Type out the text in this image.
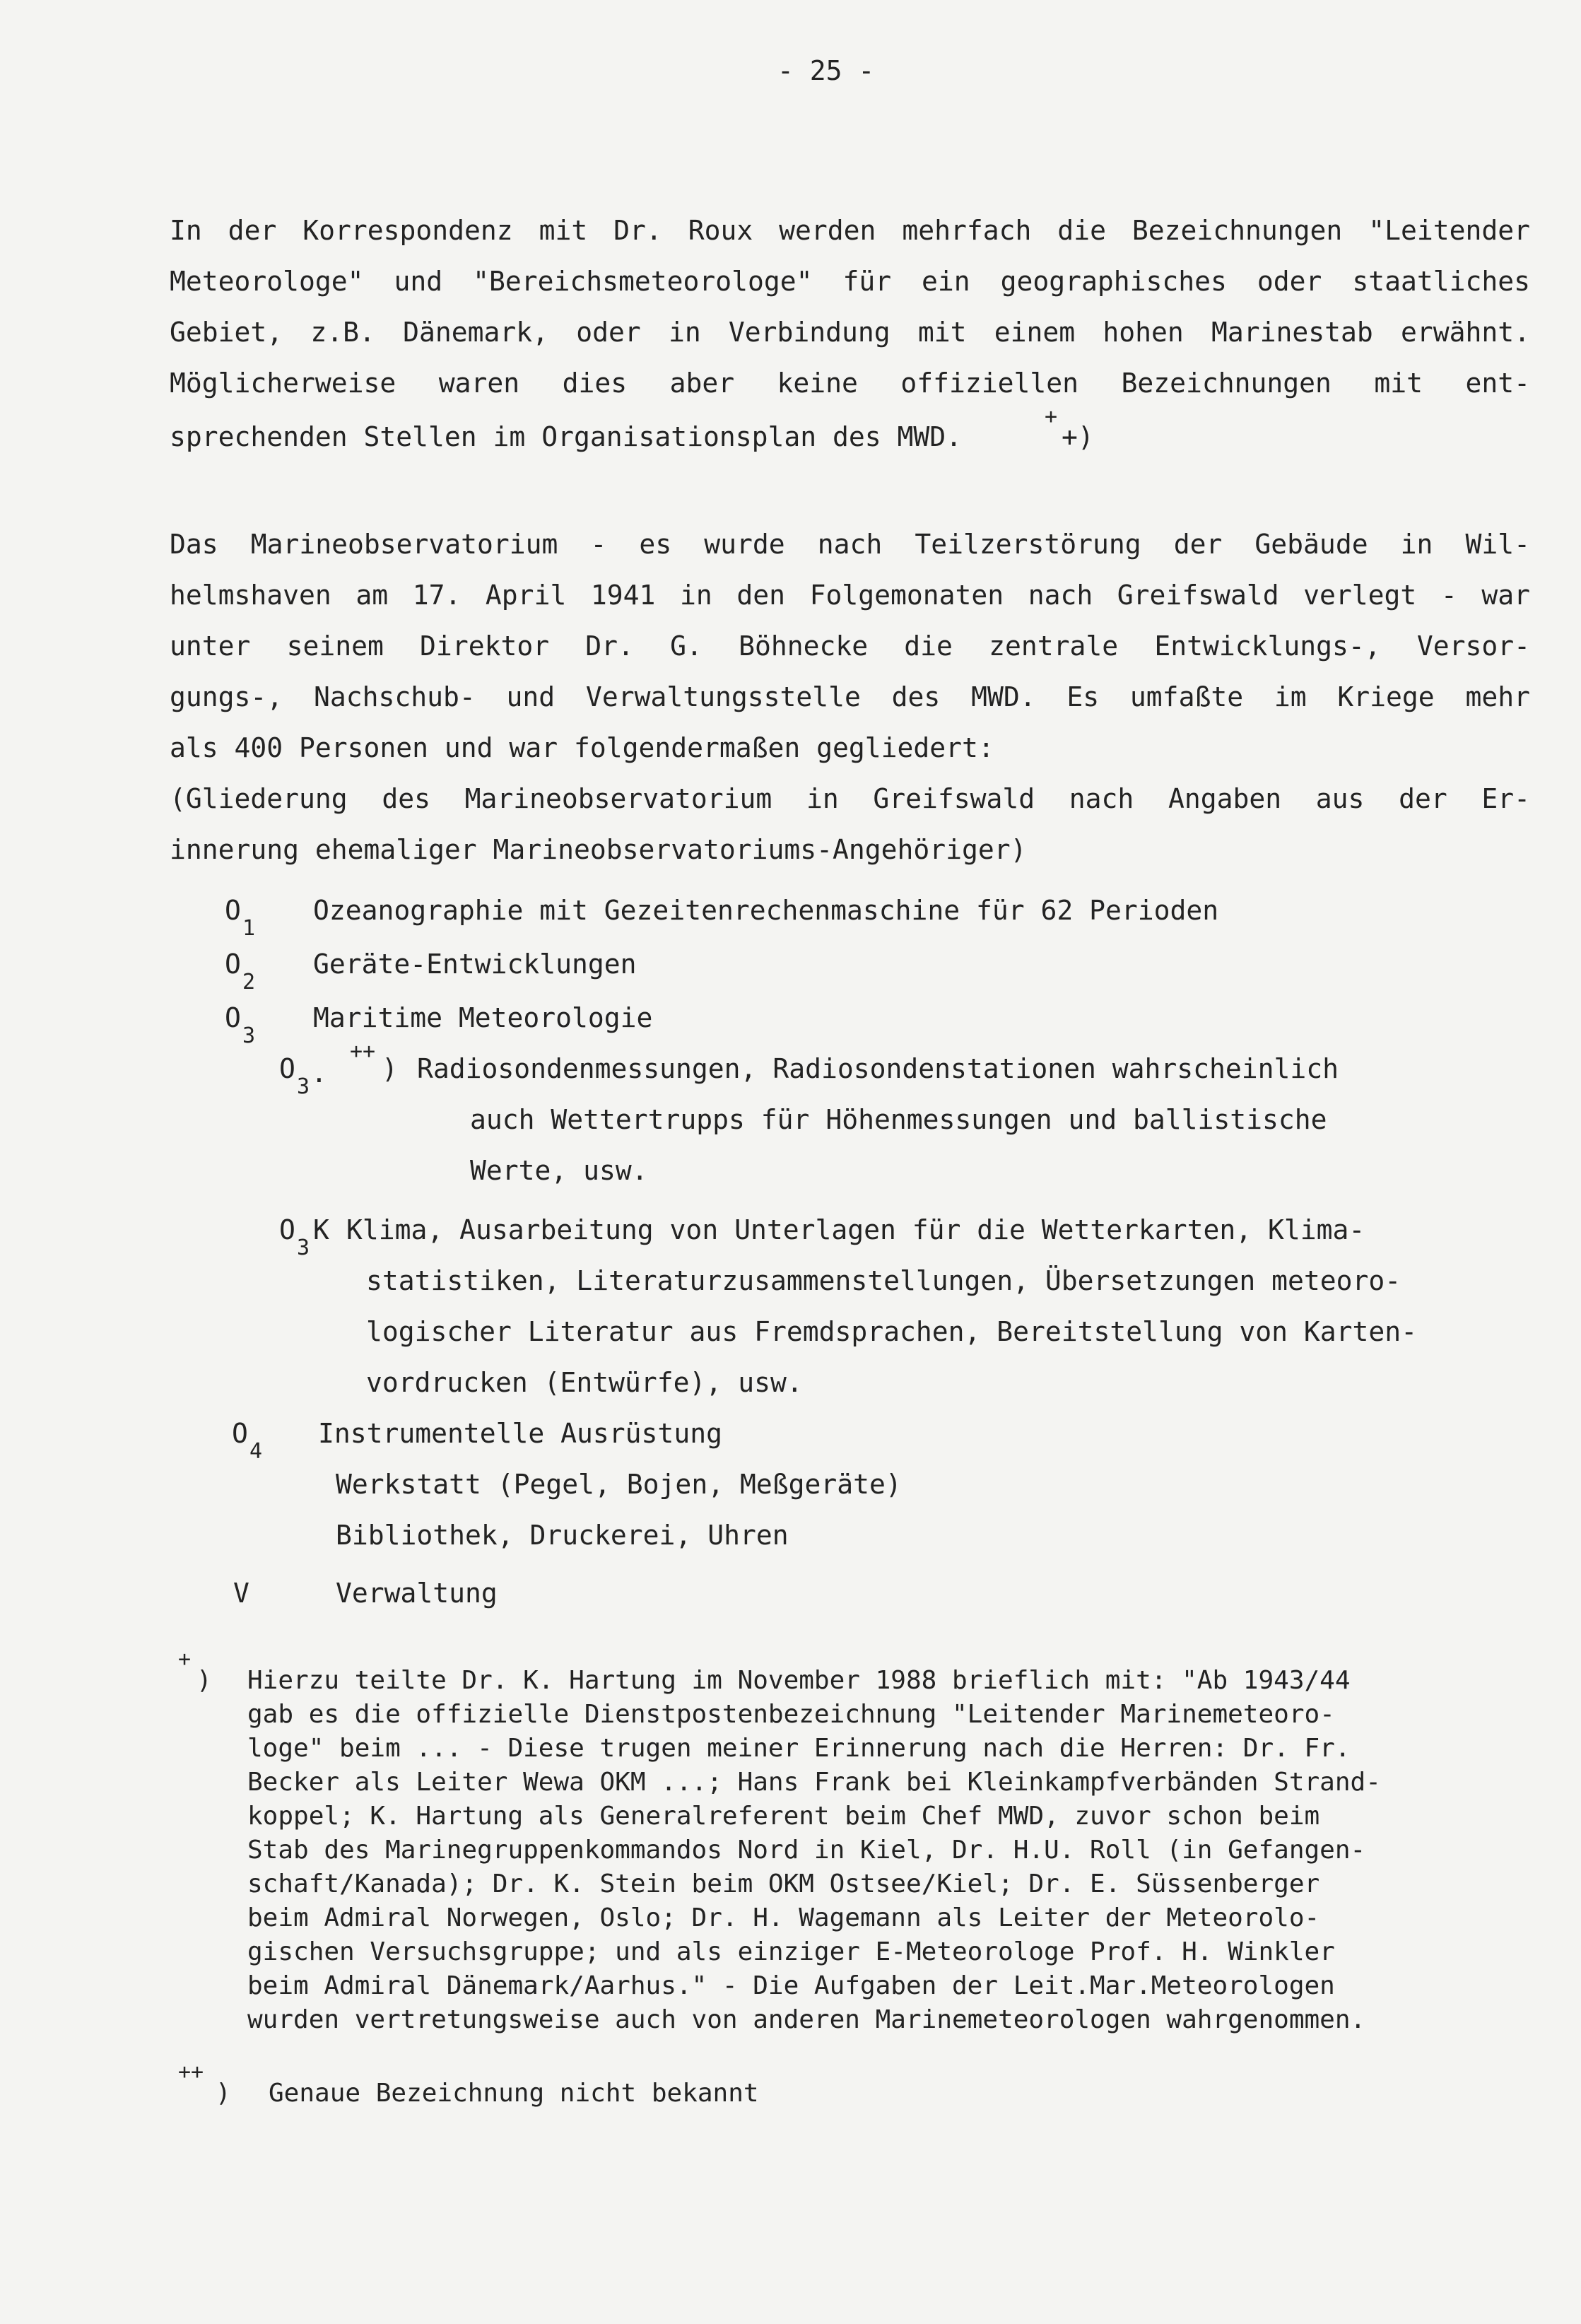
- 25 -

In der Korrespondenz mit Dr. Roux werden mehrfach die Bezeichnungen "Leitender

Meteorologe" und "Bereichsmeteorologe" für ein geographisches oder staatliches

Gebiet, z.B. Dänemark, oder in Verbindung mit einem hohen Marinestab erwähnt.

Möglicherweise waren dies aber keine offiziellen Bezeichnungen mit ent-

sprechenden Stellen im Organisationsplan des MWD.

+
+)

Das Marineobservatorium - es wurde nach Teilzerstörung der Gebäude in Wil-

helmshaven am 17. April 1941 in den Folgemonaten nach Greifswald verlegt - war

unter seinem Direktor Dr. G. Böhnecke die zentrale Entwicklungs-, Versor-

gungs-, Nachschub- und Verwaltungsstelle des MWD. Es umfaßte im Kriege mehr

als 400 Personen und war folgendermaßen gegliedert:

(Gliederung des Marineobservatorium in Greifswald nach Angaben aus der Er-

innerung ehemaliger Marineobservatoriums-Angehöriger)

O
1
Ozeanographie mit Gezeitenrechenmaschine für 62 Perioden
O
2
Geräte-Entwicklungen
O
3
Maritime Meteorologie
O
3 .
++
) Radiosondenmessungen, Radiosondenstationen wahrscheinlich
auch Wettertrupps für Höhenmessungen und ballistische
Werte, usw.
O
3
K Klima, Ausarbeitung von Unterlagen für die Wetterkarten, Klima-
statistiken, Literaturzusammenstellungen, Übersetzungen meteoro-
logischer Literatur aus Fremdsprachen, Bereitstellung von Karten-
vordrucken (Entwürfe), usw.
O
4
Instrumentelle Ausrüstung
Werkstatt (Pegel, Bojen, Meßgeräte)
Bibliothek, Druckerei, Uhren
V	Verwaltung
+
) Hierzu teilte Dr. K. Hartung im November 1988 brieflich mit: "Ab 1943/44

gab es die offizielle Dienstpostenbezeichnung "Leitender Marinemeteoro-

loge" beim ... - Diese trugen meiner Erinnerung nach die Herren: Dr. Fr.

Becker als Leiter Wewa OKM ...; Hans Frank bei Kleinkampfverbänden Strand-

koppel; K. Hartung als Generalreferent beim Chef MWD, zuvor schon beim

Stab des Marinegruppenkommandos Nord in Kiel, Dr. H.U. Roll (in Gefangen-

schaft/Kanada); Dr. K. Stein beim OKM Ostsee/Kiel; Dr. E. Süssenberger

beim Admiral Norwegen, Oslo; Dr. H. Wagemann als Leiter der Meteorolo-

gischen Versuchsgruppe; und als einziger E-Meteorologe Prof. H. Winkler

beim Admiral Dänemark/Aarhus." - Die Aufgaben der Leit.Mar.Meteorologen

wurden vertretungsweise auch von anderen Marinemeteorologen wahrgenommen.

++
) Genaue Bezeichnung nicht bekannt
